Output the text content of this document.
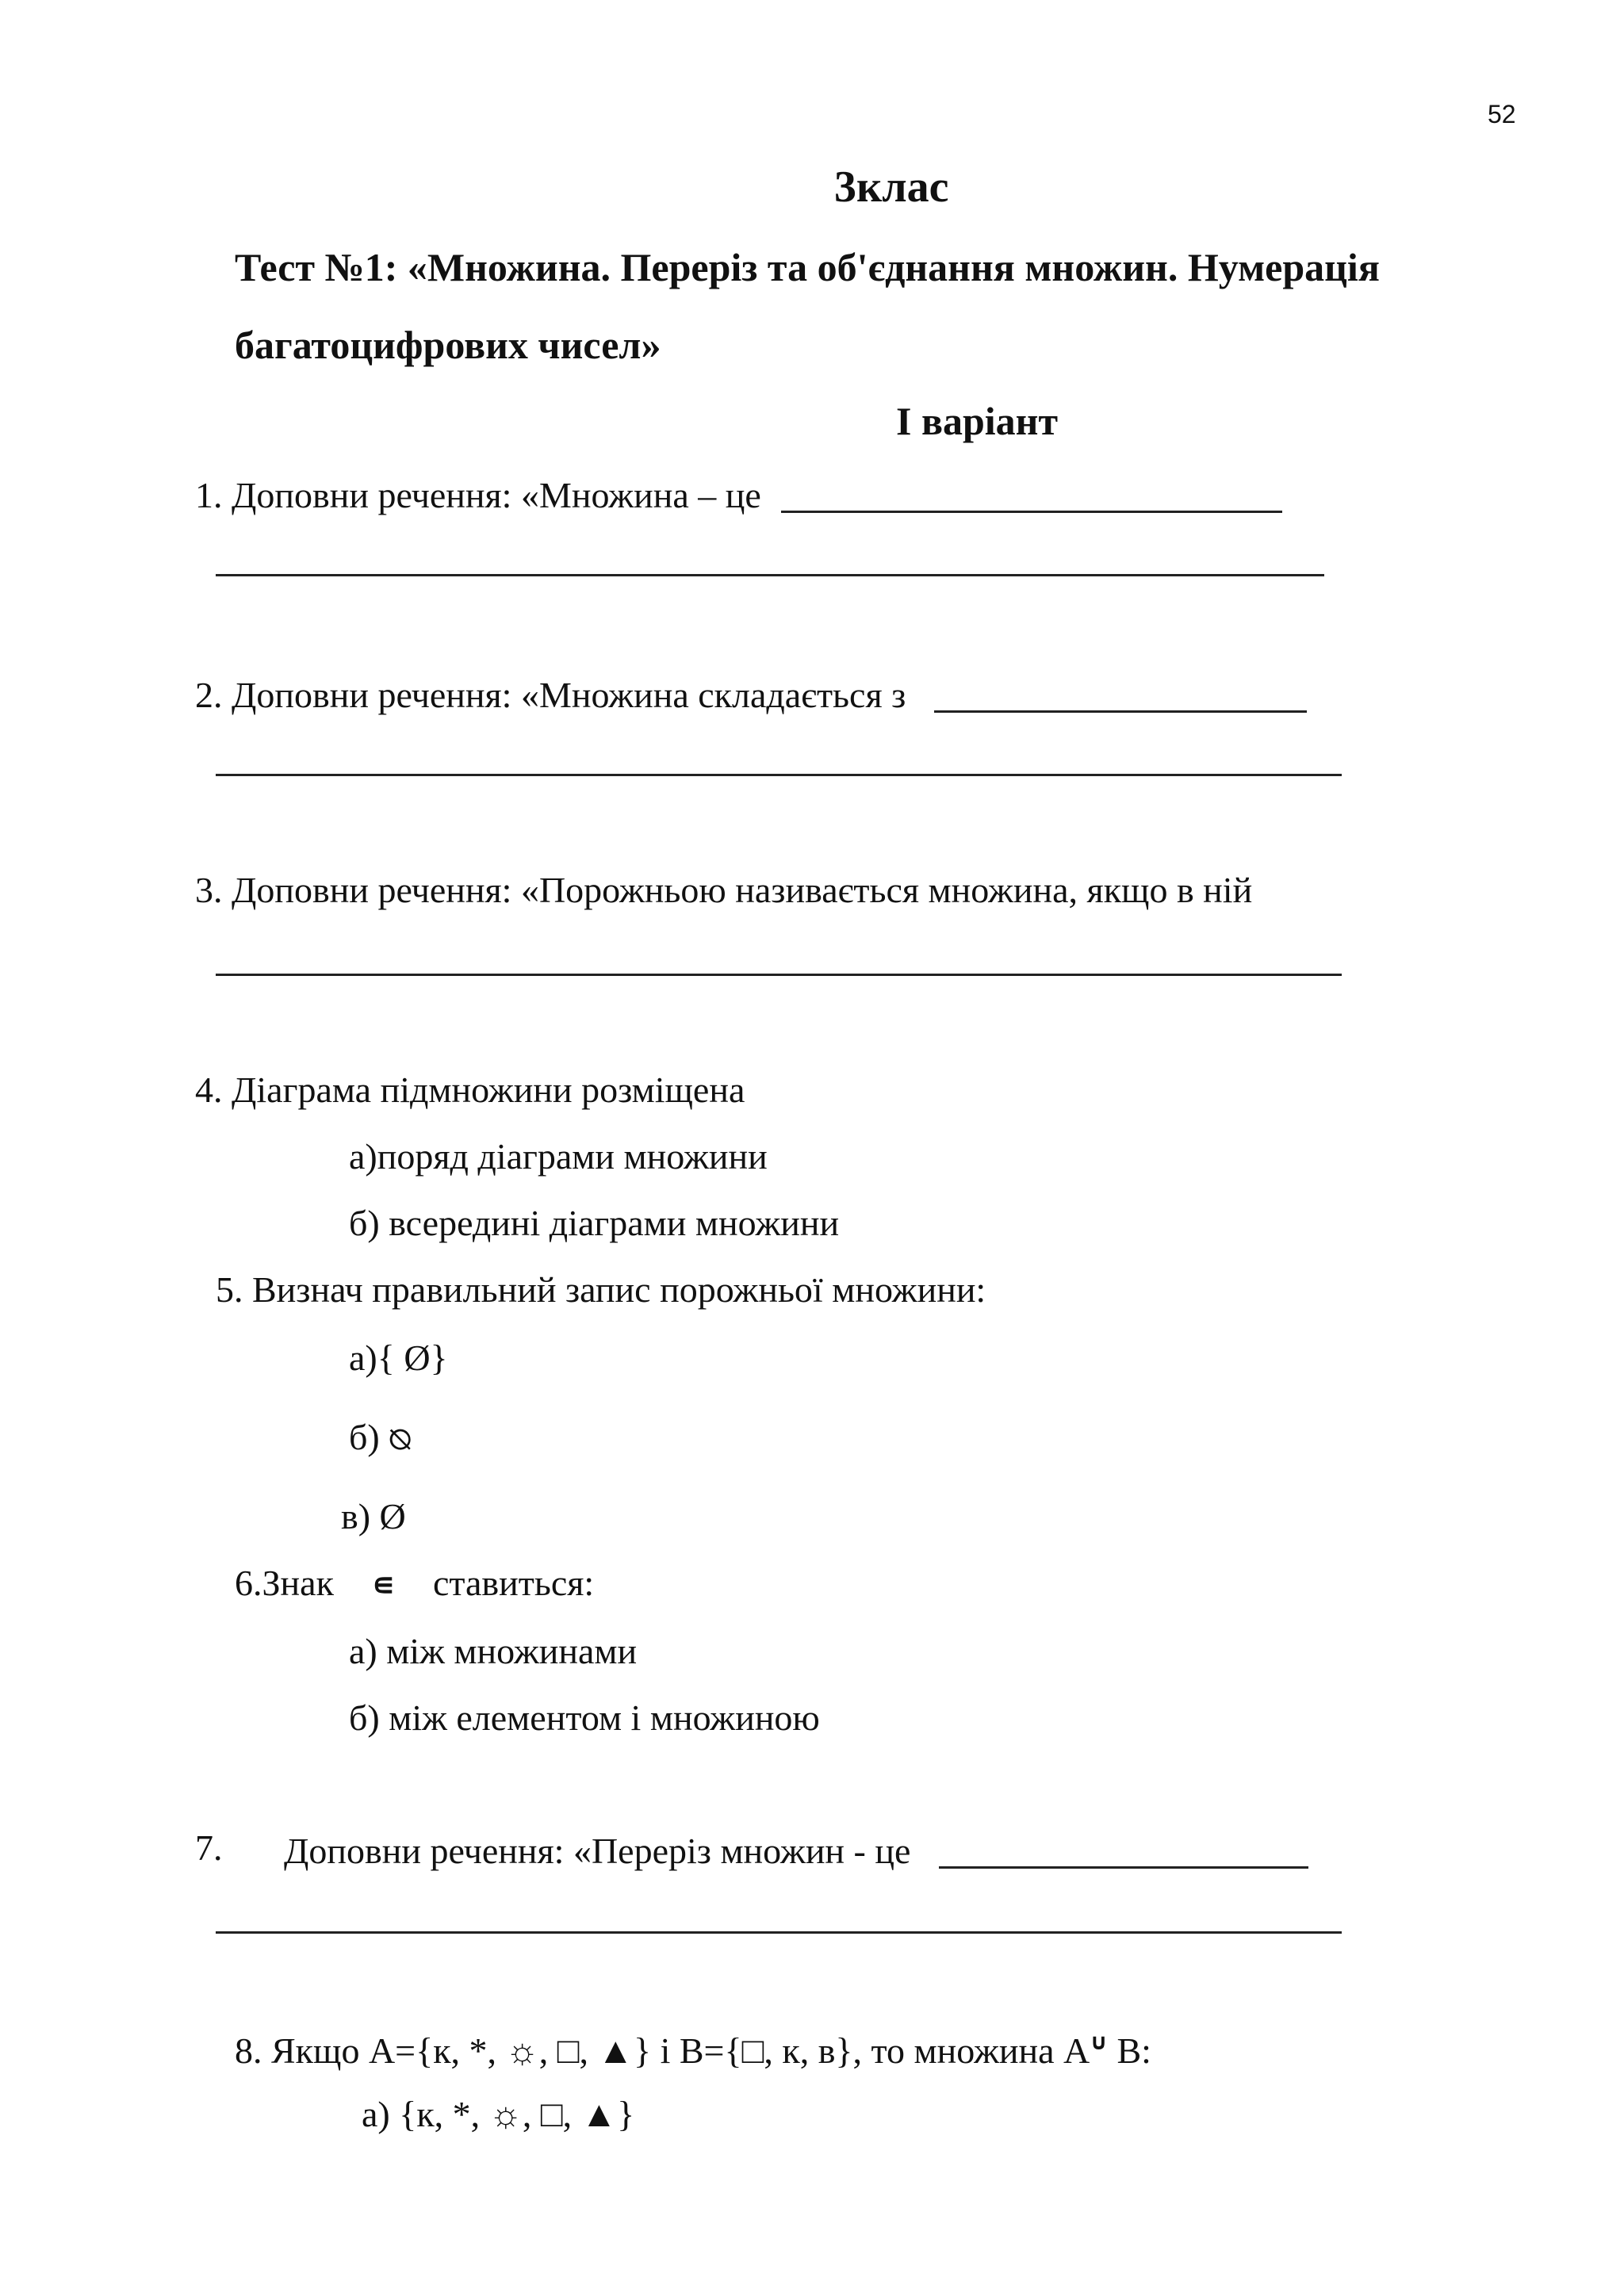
52
3клас
Тест №1: «Множина. Переріз та об'єднання множин. Нумерація
багатоцифрових чисел»
І варіант
1. Доповни речення: «Множина – це
2. Доповни речення: «Множина складається з
3. Доповни речення: «Порожньою називається множина, якщо в ній
4. Діаграма підмножини розміщена
а)поряд діаграми множини
б) всередині діаграми множини
5. Визнач правильний запис порожньої множини:
а){ Ø}
б) ⦰
в) Ø
6.Знак ∊ ставиться:
а) між множинами
б) між елементом і множиною
7. Доповни речення: «Переріз множин - це
8. Якщо А={к, *, ☼, □, ▲} і В={□, к, в}, то множина А∪ В:
а) {к, *, ☼, □, ▲}
